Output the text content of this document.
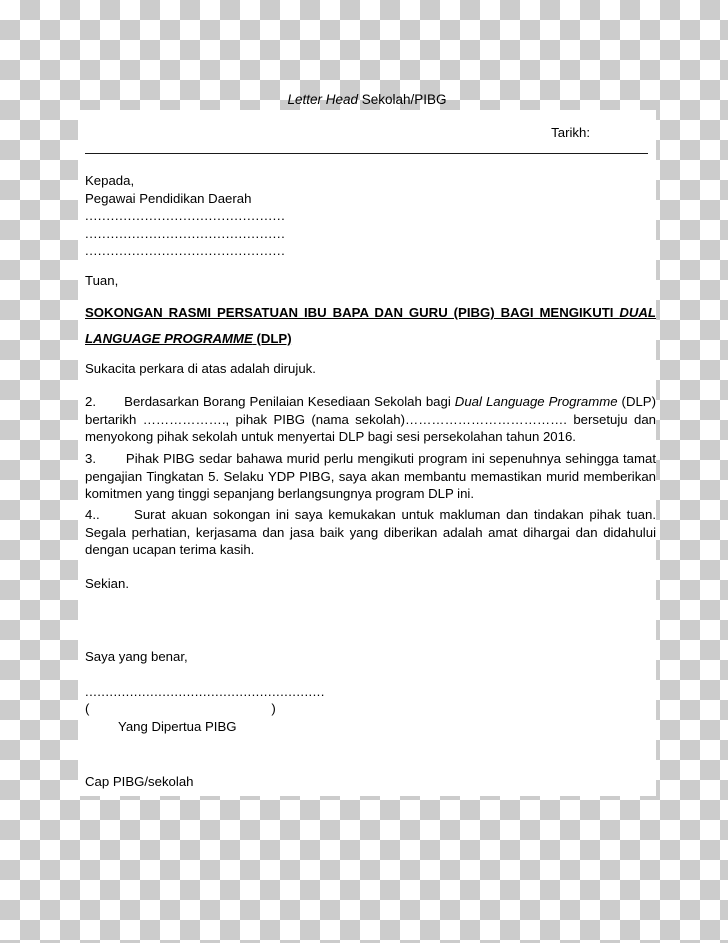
Letter Head Sekolah/PIBG
Tarikh:
Kepada,
Pegawai Pendidikan Daerah
...............................................
...............................................
...............................................
Tuan,
SOKONGAN RASMI PERSATUAN IBU BAPA DAN GURU (PIBG) BAGI MENGIKUTI DUAL LANGUAGE PROGRAMME (DLP)
Sukacita perkara di atas adalah dirujuk.
2. Berdasarkan Borang Penilaian Kesediaan Sekolah bagi Dual Language Programme (DLP) bertarikh ………………., pihak PIBG (nama sekolah)………………………………. bersetuju dan menyokong pihak sekolah untuk menyertai DLP bagi sesi persekolahan tahun 2016.
3. Pihak PIBG sedar bahawa murid perlu mengikuti program ini sepenuhnya sehingga tamat pengajian Tingkatan 5. Selaku YDP PIBG, saya akan membantu memastikan murid memberikan komitmen yang tinggi sepanjang berlangsungnya program DLP ini.
4..	Surat akuan sokongan ini saya kemukakan untuk makluman dan tindakan pihak tuan. Segala perhatian, kerjasama dan jasa baik yang diberikan adalah amat dihargai dan didahului dengan ucapan terima kasih.
Sekian.
Saya yang benar,
...........................................................
(	)
Yang Dipertua PIBG
Cap PIBG/sekolah
